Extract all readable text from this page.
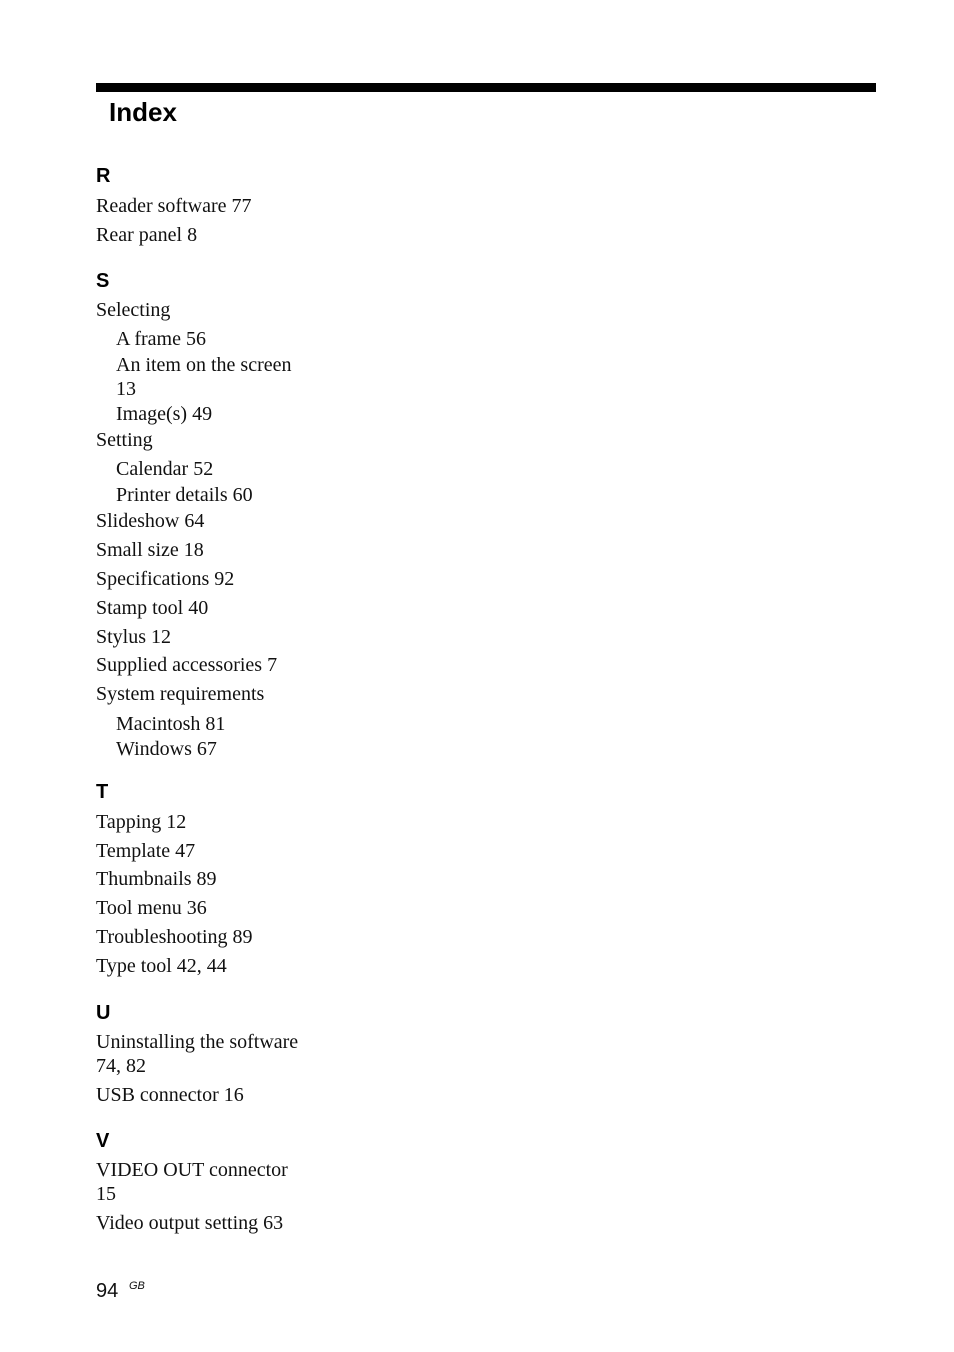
Index
R
Reader software 77
Rear panel 8
S
Selecting
A frame 56
An item on the screen
13
Image(s) 49
Setting
Calendar 52
Printer details 60
Slideshow 64
Small size 18
Specifications 92
Stamp tool 40
Stylus 12
Supplied accessories 7
System requirements
Macintosh 81
Windows 67
T
Tapping 12
Template 47
Thumbnails 89
Tool menu 36
Troubleshooting 89
Type tool 42, 44
U
Uninstalling the software
74, 82
USB connector 16
V
VIDEO OUT connector
15
Video output setting 63
94 GB
